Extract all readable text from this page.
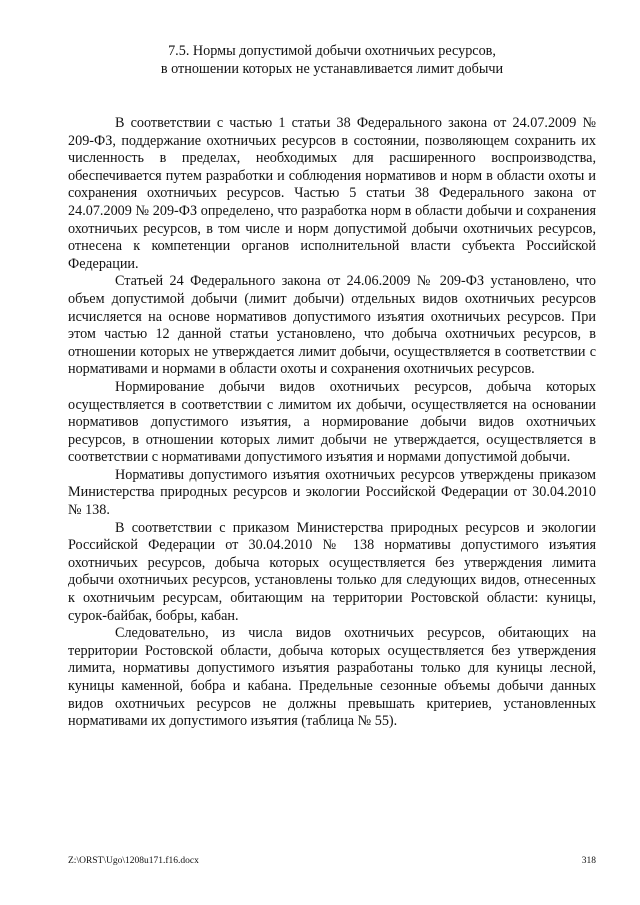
7.5. Нормы допустимой добычи охотничьих ресурсов,
в отношении которых не устанавливается лимит добычи

В соответствии с частью 1 статьи 38 Федерального закона от 24.07.2009 № 209-ФЗ, поддержание охотничьих ресурсов в состоянии, позволяющем сохранить их численность в пределах, необходимых для расширенного воспроизводства, обеспечивается путем разработки и соблюдения нормативов и норм в области охоты и сохранения охотничьих ресурсов. Частью 5 статьи 38 Федерального закона от 24.07.2009 № 209-ФЗ определено, что разработка норм в области добычи и сохранения охотничьих ресурсов, в том числе и норм допустимой добычи охотничьих ресурсов, отнесена к компетенции органов исполнительной власти субъекта Российской Федерации.

Статьей 24 Федерального закона от 24.06.2009 № 209-ФЗ установлено, что объем допустимой добычи (лимит добычи) отдельных видов охотничьих ресурсов исчисляется на основе нормативов допустимого изъятия охотничьих ресурсов. При этом частью 12 данной статьи установлено, что добыча охотничьих ресурсов, в отношении которых не утверждается лимит добычи, осуществляется в соответствии с нормативами и нормами в области охоты и сохранения охотничьих ресурсов.

Нормирование добычи видов охотничьих ресурсов, добыча которых осуществляется в соответствии с лимитом их добычи, осуществляется на основании нормативов допустимого изъятия, а нормирование добычи видов охотничьих ресурсов, в отношении которых лимит добычи не утверждается, осуществляется в соответствии с нормативами допустимого изъятия и нормами допустимой добычи.

Нормативы допустимого изъятия охотничьих ресурсов утверждены приказом Министерства природных ресурсов и экологии Российской Федерации от 30.04.2010 № 138.

В соответствии с приказом Министерства природных ресурсов и экологии Российской Федерации от 30.04.2010 № 138 нормативы допустимого изъятия охотничьих ресурсов, добыча которых осуществляется без утверждения лимита добычи охотничьих ресурсов, установлены только для следующих видов, отнесенных к охотничьим ресурсам, обитающим на территории Ростовской области: куницы, сурок-байбак, бобры, кабан.

Следовательно, из числа видов охотничьих ресурсов, обитающих на территории Ростовской области, добыча которых осуществляется без утверждения лимита, нормативы допустимого изъятия разработаны только для куницы лесной, куницы каменной, бобра и кабана. Предельные сезонные объемы добычи данных видов охотничьих ресурсов не должны превышать критериев, установленных нормативами их допустимого изъятия (таблица № 55).

Z:\ORST\Ugo\1208u171.f16.docx	318
